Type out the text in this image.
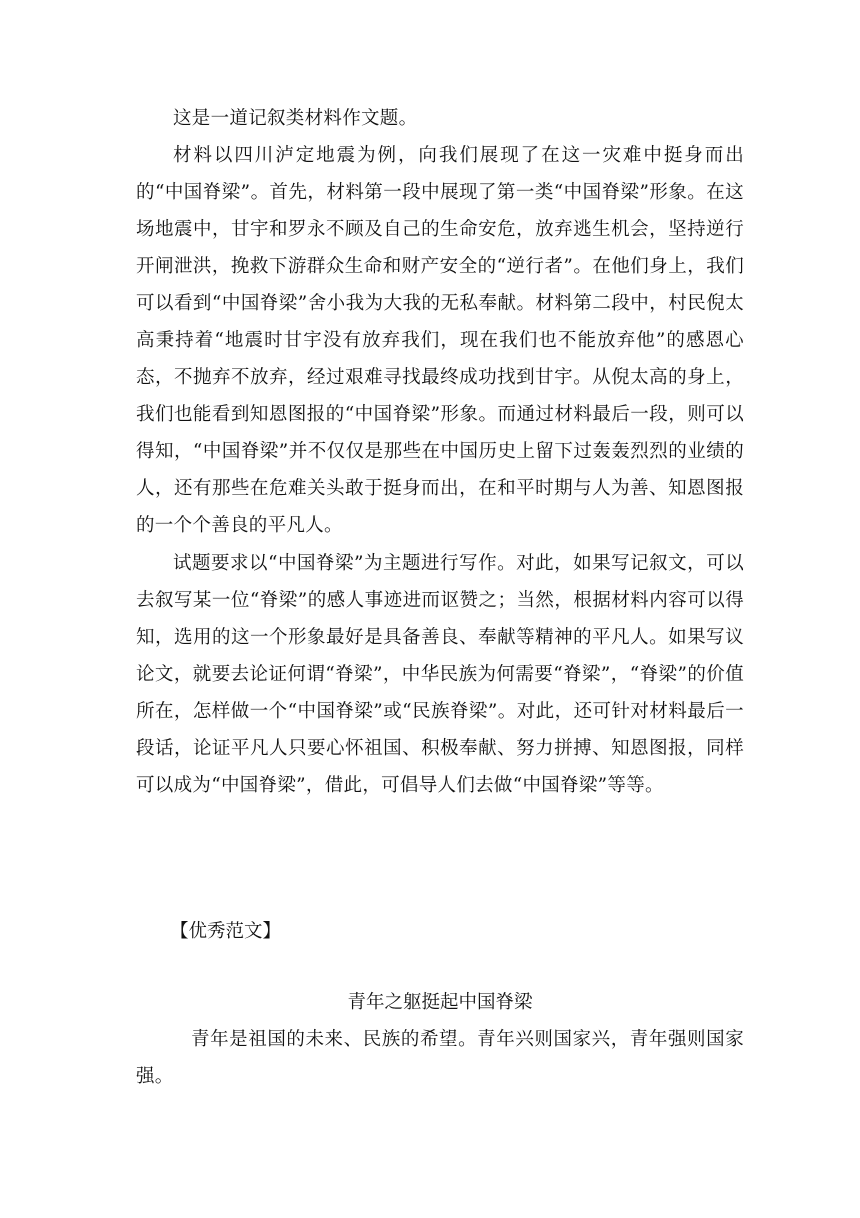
这是一道记叙类材料作文题。

材料以四川泸定地震为例，向我们展现了在这一灾难中挺身而出的“中国脊梁”。首先，材料第一段中展现了第一类“中国脊梁”形象。在这场地震中，甘宇和罗永不顾及自己的生命安危，放弃逃生机会，坚持逆行开闸泄洪，挽救下游群众生命和财产安全的“逆行者”。在他们身上，我们可以看到“中国脊梁”舍小我为大我的无私奉献。材料第二段中，村民倪太高秉持着“地震时甘宇没有放弃我们，现在我们也不能放弃他”的感恩心态，不抛弃不放弃，经过艰难寻找最终成功找到甘宇。从倪太高的身上，我们也能看到知恩图报的“中国脊梁”形象。而通过材料最后一段，则可以得知，“中国脊梁”并不仅仅是那些在中国历史上留下过轰轰烈烈的业绩的人，还有那些在危难关头敢于挺身而出，在和平时期与人为善、知恩图报的一个个善良的平凡人。

试题要求以“中国脊梁”为主题进行写作。对此，如果写记叙文，可以去叙写某一位“脊梁”的感人事迹进而讴赞之；当然，根据材料内容可以得知，选用的这一个形象最好是具备善良、奉献等精神的平凡人。如果写议论文，就要去论证何谓“脊梁”，中华民族为何需要“脊梁”，“脊梁”的价值所在，怎样做一个“中国脊梁”或“民族脊梁”。对此，还可针对材料最后一段话，论证平凡人只要心怀祖国、积极奉献、努力拼搏、知恩图报，同样可以成为“中国脊梁”，借此，可倡导人们去做“中国脊梁”等等。

【优秀范文】

青年之躯挺起中国脊梁

青年是祖国的未来、民族的希望。青年兴则国家兴，青年强则国家强。
